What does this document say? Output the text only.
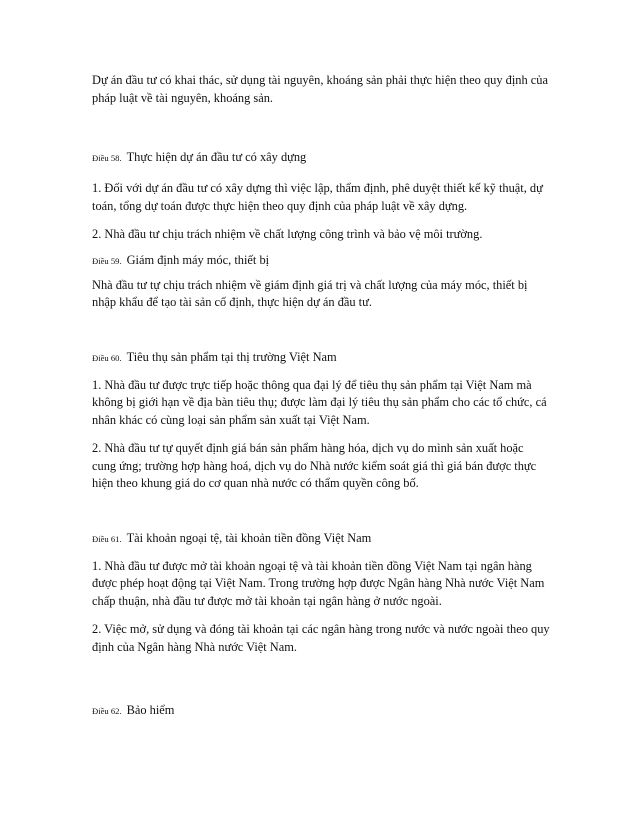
Dự án đầu tư có khai thác, sử dụng tài nguyên, khoáng sản phải thực hiện theo quy định của pháp luật về tài nguyên, khoáng sản.

Điều 58. Thực hiện dự án đầu tư có xây dựng

1. Đối với dự án đầu tư có xây dựng thì việc lập, thẩm định, phê duyệt thiết kế kỹ thuật, dự toán, tổng dự toán được thực hiện theo quy định của pháp luật về xây dựng.

2. Nhà đầu tư chịu trách nhiệm về chất lượng công trình và bảo vệ môi trường.

Điều 59. Giám định máy móc, thiết bị

Nhà đầu tư tự chịu trách nhiệm về giám định giá trị và chất lượng của máy móc, thiết bị nhập khẩu để tạo tài sản cố định, thực hiện dự án đầu tư.

Điều 60. Tiêu thụ sản phẩm tại thị trường Việt Nam

1. Nhà đầu tư được trực tiếp hoặc thông qua đại lý để tiêu thụ sản phẩm tại Việt Nam mà không bị giới hạn về địa bàn tiêu thụ; được làm đại lý tiêu thụ sản phẩm cho các tổ chức, cá nhân khác có cùng loại sản phẩm sản xuất tại Việt Nam.

2. Nhà đầu tư tự quyết định giá bán sản phẩm hàng hóa, dịch vụ do mình sản xuất hoặc cung ứng; trường hợp hàng hoá, dịch vụ do Nhà nước kiểm soát giá thì giá bán được thực hiện theo khung giá do cơ quan nhà nước có thẩm quyền công bố.

Điều 61. Tài khoản ngoại tệ, tài khoản tiền đồng Việt Nam

1. Nhà đầu tư được mở tài khoản ngoại tệ và tài khoản tiền đồng Việt Nam tại ngân hàng được phép hoạt động tại Việt Nam. Trong trường hợp được Ngân hàng Nhà nước Việt Nam chấp thuận, nhà đầu tư được mở tài khoản tại ngân hàng ở nước ngoài.

2. Việc mở, sử dụng và đóng tài khoản tại các ngân hàng trong nước và nước ngoài theo quy định của Ngân hàng Nhà nước Việt Nam.

Điều 62. Bảo hiểm
